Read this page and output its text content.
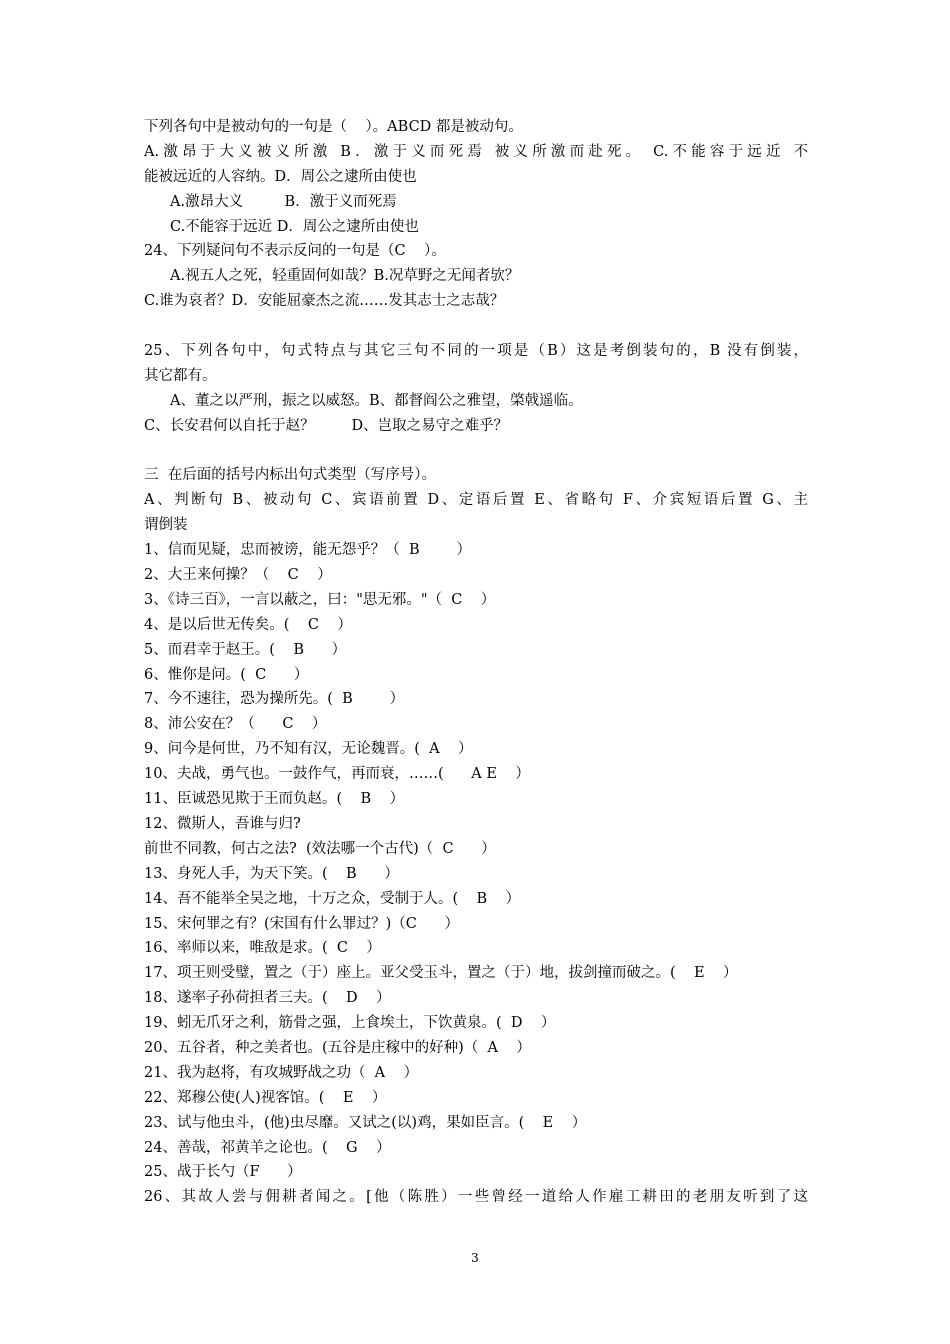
下列各句中是被动句的一句是（    ）。ABCD 都是被动句。
A.激昂于大义被义所激 B．激于义而死焉 被义所激而赴死。 C.不能容于远近 不
能被远近的人容纳。D．周公之逮所由使也
A.激昂大义         B．激于义而死焉
C.不能容于远近 D．周公之逮所由使也
24、下列疑问句不表示反问的一句是（C    ）。
A.视五人之死，轻重固何如哉？B.况草野之无闻者欤？
C.谁为哀者？D．安能屈豪杰之流……发其志士之志哉？
25、下列各句中，句式特点与其它三句不同的一项是（B）这是考倒装句的，B 没有倒装，
其它都有。
A、董之以严刑，振之以威怒。B、都督阎公之雅望，棨戟遥临。
C、长安君何以自托于赵？        D、岂取之易守之难乎？
三  在后面的括号内标出句式类型（写序号）。
A、判断句 B、被动句 C、宾语前置 D、定语后置 E、省略句 F、介宾短语后置 G、主
谓倒装
1、信而见疑，忠而被谤，能无怨乎？（  B        ）
2、大王来何操？（    C    ）
3、《诗三百》，一言以蔽之，曰："思无邪。"（  C    ）
4、是以后世无传矣。(    C    ）
5、而君幸于赵王。(    B      ）
6、惟你是问。(  C      ）
7、今不速往，恐为操所先。(  B        ）
8、沛公安在？（      C    ）
9、问今是何世，乃不知有汉，无论魏晋。(  A    ）
10、夫战，勇气也。一鼓作气，再而衰，……(      A E    ）
11、臣诚恐见欺于王而负赵。(    B    ）
12、微斯人，吾谁与归?
前世不同教，何古之法?  (效法哪一个古代)（  C      ）
13、身死人手，为天下笑。(    B      ）
14、吾不能举全吴之地，十万之众，受制于人。(    B    ）
15、宋何罪之有？(宋国有什么罪过？)（C      ）
16、率师以来，唯敌是求。(  C    ）
17、项王则受璧，置之（于）座上。亚父受玉斗，置之（于）地，拔剑撞而破之。(    E    ）
18、遂率子孙荷担者三夫。(    D    ）
19、蚓无爪牙之利，筋骨之强，上食埃土，下饮黄泉。(  D    ）
20、五谷者，种之美者也。(五谷是庄稼中的好种)（  A    ）
21、我为赵将，有攻城野战之功（  A    ）
22、郑穆公使(人)视客馆。(    E    ）
23、试与他虫斗，(他)虫尽靡。又试之(以)鸡，果如臣言。(    E    ）
24、善哉，祁黄羊之论也。(    G    ）
25、战于长勺（F      ）
26、其故人尝与佣耕者闻之。[他（陈胜）一些曾经一道给人作雇工耕田的老朋友听到了这
3
